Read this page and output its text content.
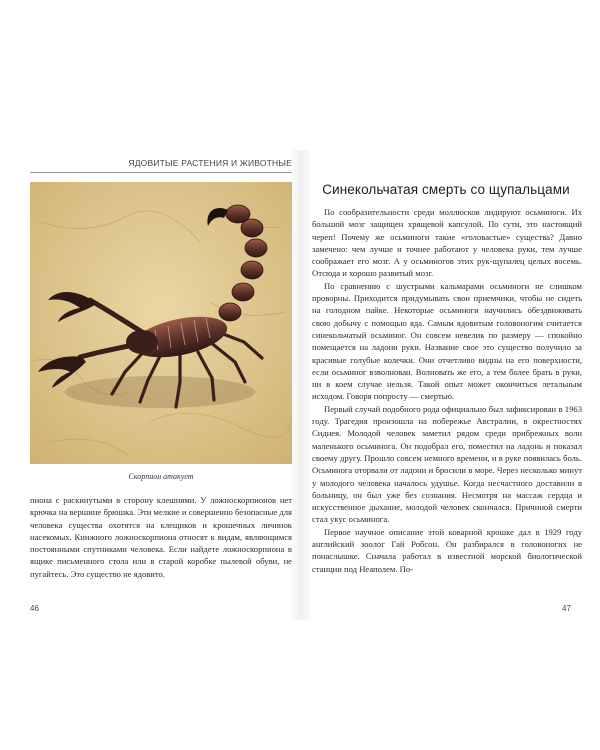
ЯДОВИТЫЕ РАСТЕНИЯ И ЖИВОТНЫЕ
Скорпион атакует

пиона с раскинутыми в сторону клешнями. У ложноскорпионов нет крючка на вершине брюшка. Эти мелкие и совершенно безопасные для человека существа охотятся на клещиков и крошечных личинок насекомых. Книжного ложноскорпиона относят к видам, являющимся постоянными спутниками человека. Если найдете ложноскорпиона в ящике письменного стола или в старой коробке пылевой обуви, не пугайтесь. Это существо не ядовито.

46
Синекольчатая смерть со щупальцами

По сообразительности среди моллюсков лидируют осьминоги. Их большой мозг защищен хрящевой капсулой. По сути, это настоящий череп! Почему же осьминоги такие «головастые» существа? Давно замечено: чем лучше и точнее работают у человека руки, тем лучше соображает его мозг. А у осьминогов этих рук-щупалец целых восемь. Отсюда и хорошо развитый мозг.

По сравнению с шустрыми кальмарами осьминоги не слишком проворны. Приходится придумывать свои приемчики, чтобы не сидеть на голодном пайке. Некоторые осьминоги научились обездвиживать свою добычу с помощью яда. Самым ядовитым головоногим считается синекольчатый осьминог. Он совсем невелик по размеру — спокойно помещается на ладони руки. Название свое это существо получило за красивые голубые колечки. Они отчетливо видны на его поверхности, если осьминог взволнован. Волновать же его, а тем более брать в руки, ни в коем случае нельзя. Такой опыт может окончиться летальным исходом. Говоря попросту — смертью.

Первый случай подобного рода официально был зафиксирован в 1963 году. Трагедия произошла на побережье Австралии, в окрестностях Сиднея. Молодой человек заметил рядом среди прибрежных волн маленького осьминога. Он подобрал его, поместил на ладонь и показал своему другу. Прошло совсем немного времени, и в руке появилась боль. Осьминога оторвали от ладони и бросили в море. Через несколько минут у молодого человека началось удушье. Когда несчастного доставили в больницу, он был уже без сознания. Несмотря на массаж сердца и искусственное дыхание, молодой человек скончался. Причиной смерти стал укус осьминога.

Первое научное описание этой коварной крошке дал в 1929 году английский зоолог Гай Робсон. Он разбирался в головоногих не понаслышке. Сначала работал в известной морской биологической станции под Неаполем. По-

47
